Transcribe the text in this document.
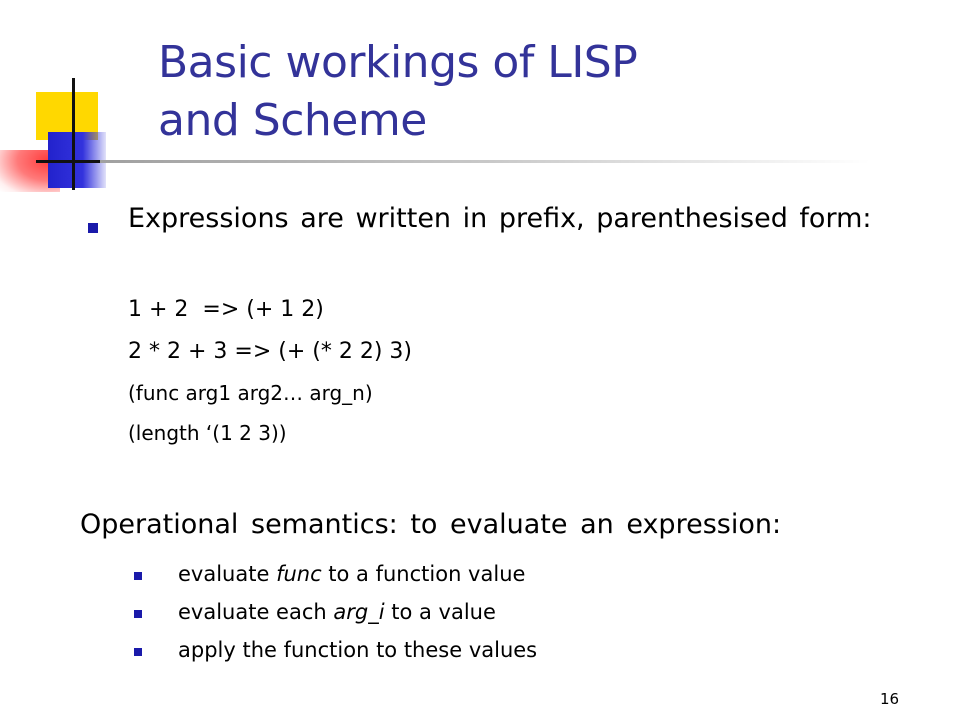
Basic workings of LISP
and Scheme
Expressions are written in prefix, parenthesised form:
1 + 2  => (+ 1 2)
2 * 2 + 3 => (+ (* 2 2) 3)
(func arg1 arg2… arg_n)
(length ‘(1 2 3))
Operational semantics: to evaluate an expression:
evaluate func to a function value
evaluate each arg_i to a value
apply the function to these values
16
